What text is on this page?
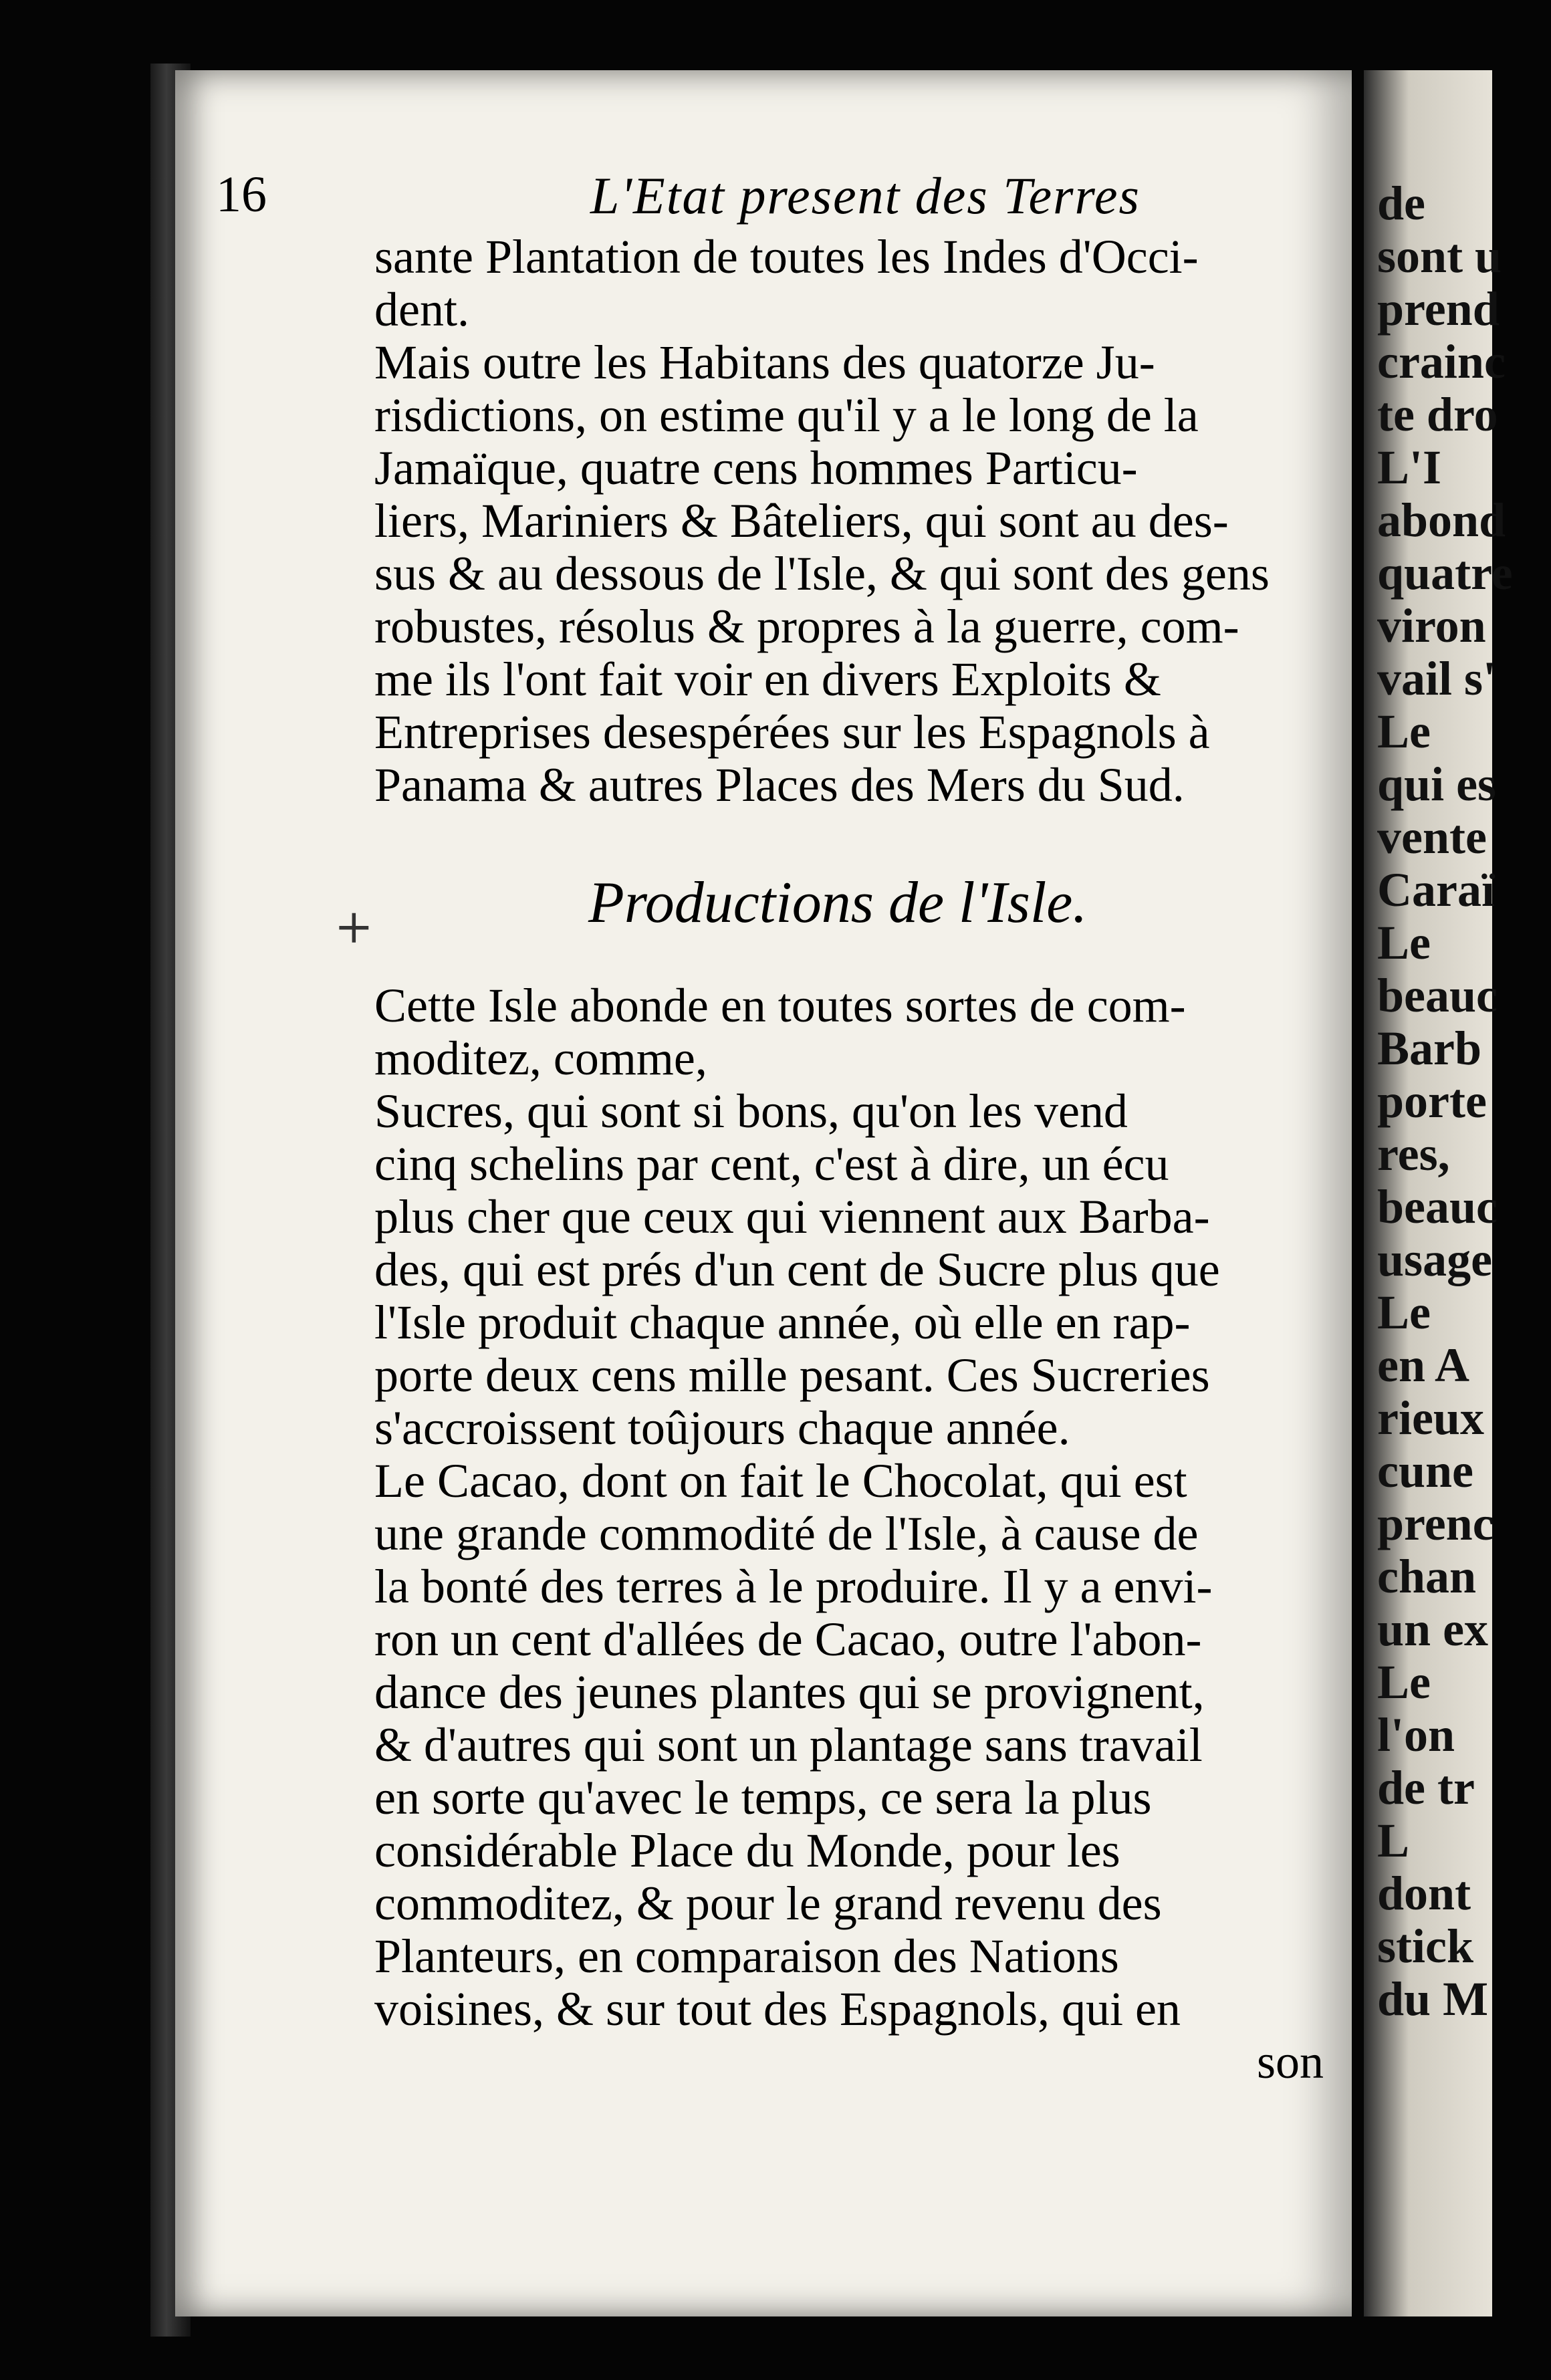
16	L'Etat present des Terres
sante Plantation de toutes les Indes d'Occi-
dent.
Mais outre les Habitans des quatorze Ju-
risdictions, on estime qu'il y a le long de la
Jamaïque, quatre cens hommes Particu-
liers, Mariniers & Bâteliers, qui sont au des-
sus & au dessous de l'Isle, & qui sont des gens
robustes, résolus & propres à la guerre, com-
me ils l'ont fait voir en divers Exploits &
Entreprises desespérées sur les Espagnols à
Panama & autres Places des Mers du Sud.
+	Productions de l'Isle.
Cette Isle abonde en toutes sortes de com-
moditez, comme,
Sucres, qui sont si bons, qu'on les vend
cinq schelins par cent, c'est à dire, un écu
plus cher que ceux qui viennent aux Barba-
des, qui est prés d'un cent de Sucre plus que
l'Isle produit chaque année, où elle en rap-
porte deux cens mille pesant. Ces Sucreries
s'accroissent toûjours chaque année.
Le Cacao, dont on fait le Chocolat, qui est
une grande commodité de l'Isle, à cause de
la bonté des terres à le produire. Il y a envi-
ron un cent d'allées de Cacao, outre l'abon-
dance des jeunes plantes qui se provignent,
& d'autres qui sont un plantage sans travail
en sorte qu'avec le temps, ce sera la plus
considérable Place du Monde, pour les
commoditez, & pour le grand revenu des
Planteurs, en comparaison des Nations
voisines, & sur tout des Espagnols, qui en
son
de
sont u
prend
crainc
te dro
L'I
abond
quatre
viron
vail s'
Le
qui es
vente
Caraï
Le
beauc
Barb
porte
res,
beauc
usage
Le
en A
rieux
cune
prenc
chan
un ex
Le
l'on
de tr
L
dont
stick
du M
